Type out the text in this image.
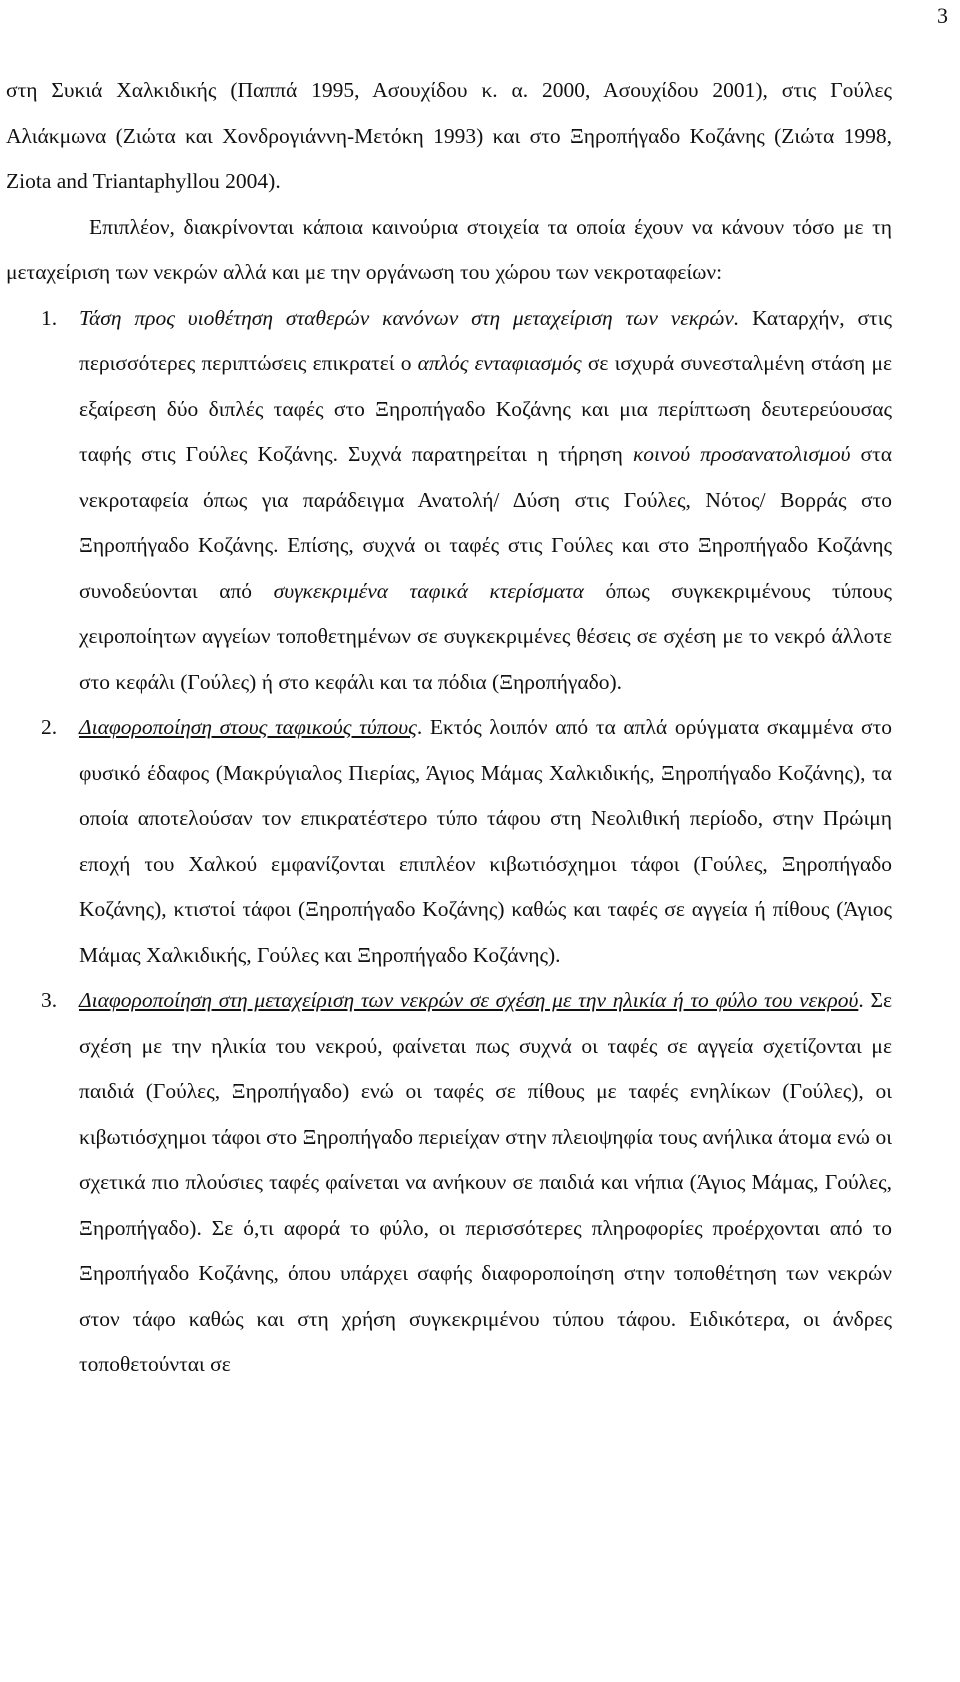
3

στη Συκιά Χαλκιδικής (Παππά 1995, Ασουχίδου κ. α. 2000, Ασουχίδου 2001), στις Γούλες Αλιάκμωνα (Ζιώτα και Χονδρογιάννη-Μετόκη 1993) και στο Ξηροπήγαδο Κοζάνης (Ζιώτα 1998, Ziota and Triantaphyllou 2004).

Επιπλέον, διακρίνονται κάποια καινούρια στοιχεία τα οποία έχουν να κάνουν τόσο με τη μεταχείριση των νεκρών αλλά και με την οργάνωση του χώρου των νεκροταφείων:

1.	Τάση προς υιοθέτηση σταθερών κανόνων στη μεταχείριση των νεκρών. Καταρχήν, στις περισσότερες περιπτώσεις επικρατεί ο απλός ενταφιασμός σε ισχυρά συνεσταλμένη στάση με εξαίρεση δύο διπλές ταφές στο Ξηροπήγαδο Κοζάνης και μια περίπτωση δευτερεύουσας ταφής στις Γούλες Κοζάνης. Συχνά παρατηρείται η τήρηση κοινού προσανατολισμού στα νεκροταφεία όπως για παράδειγμα Ανατολή/ Δύση στις Γούλες, Νότος/ Βορράς στο Ξηροπήγαδο Κοζάνης. Επίσης, συχνά οι ταφές στις Γούλες και στο Ξηροπήγαδο Κοζάνης συνοδεύονται από συγκεκριμένα ταφικά κτερίσματα όπως συγκεκριμένους τύπους χειροποίητων αγγείων τοποθετημένων σε συγκεκριμένες θέσεις σε σχέση με το νεκρό άλλοτε στο κεφάλι (Γούλες) ή στο κεφάλι και τα πόδια (Ξηροπήγαδο).
2.	Διαφοροποίηση στους ταφικούς τύπους. Εκτός λοιπόν από τα απλά ορύγματα σκαμμένα στο φυσικό έδαφος (Μακρύγιαλος Πιερίας, Άγιος Μάμας Χαλκιδικής, Ξηροπήγαδο Κοζάνης), τα οποία αποτελούσαν τον επικρατέστερο τύπο τάφου στη Νεολιθική περίοδο, στην Πρώιμη εποχή του Χαλκού εμφανίζονται επιπλέον κιβωτιόσχημοι τάφοι (Γούλες, Ξηροπήγαδο Κοζάνης), κτιστοί τάφοι (Ξηροπήγαδο Κοζάνης) καθώς και ταφές σε αγγεία ή πίθους (Άγιος Μάμας Χαλκιδικής, Γούλες και Ξηροπήγαδο Κοζάνης).
3.	Διαφοροποίηση στη μεταχείριση των νεκρών σε σχέση με την ηλικία ή το φύλο του νεκρού. Σε σχέση με την ηλικία του νεκρού, φαίνεται πως συχνά οι ταφές σε αγγεία σχετίζονται με παιδιά (Γούλες, Ξηροπήγαδο) ενώ οι ταφές σε πίθους με ταφές ενηλίκων (Γούλες), οι κιβωτιόσχημοι τάφοι στο Ξηροπήγαδο περιείχαν στην πλειοψηφία τους ανήλικα άτομα ενώ οι σχετικά πιο πλούσιες ταφές φαίνεται να ανήκουν σε παιδιά και νήπια (Άγιος Μάμας, Γούλες, Ξηροπήγαδο). Σε ό,τι αφορά το φύλο, οι περισσότερες πληροφορίες προέρχονται από το Ξηροπήγαδο Κοζάνης, όπου υπάρχει σαφής διαφοροποίηση στην τοποθέτηση των νεκρών στον τάφο καθώς και στη χρήση συγκεκριμένου τύπου τάφου. Ειδικότερα, οι άνδρες τοποθετούνται σε
